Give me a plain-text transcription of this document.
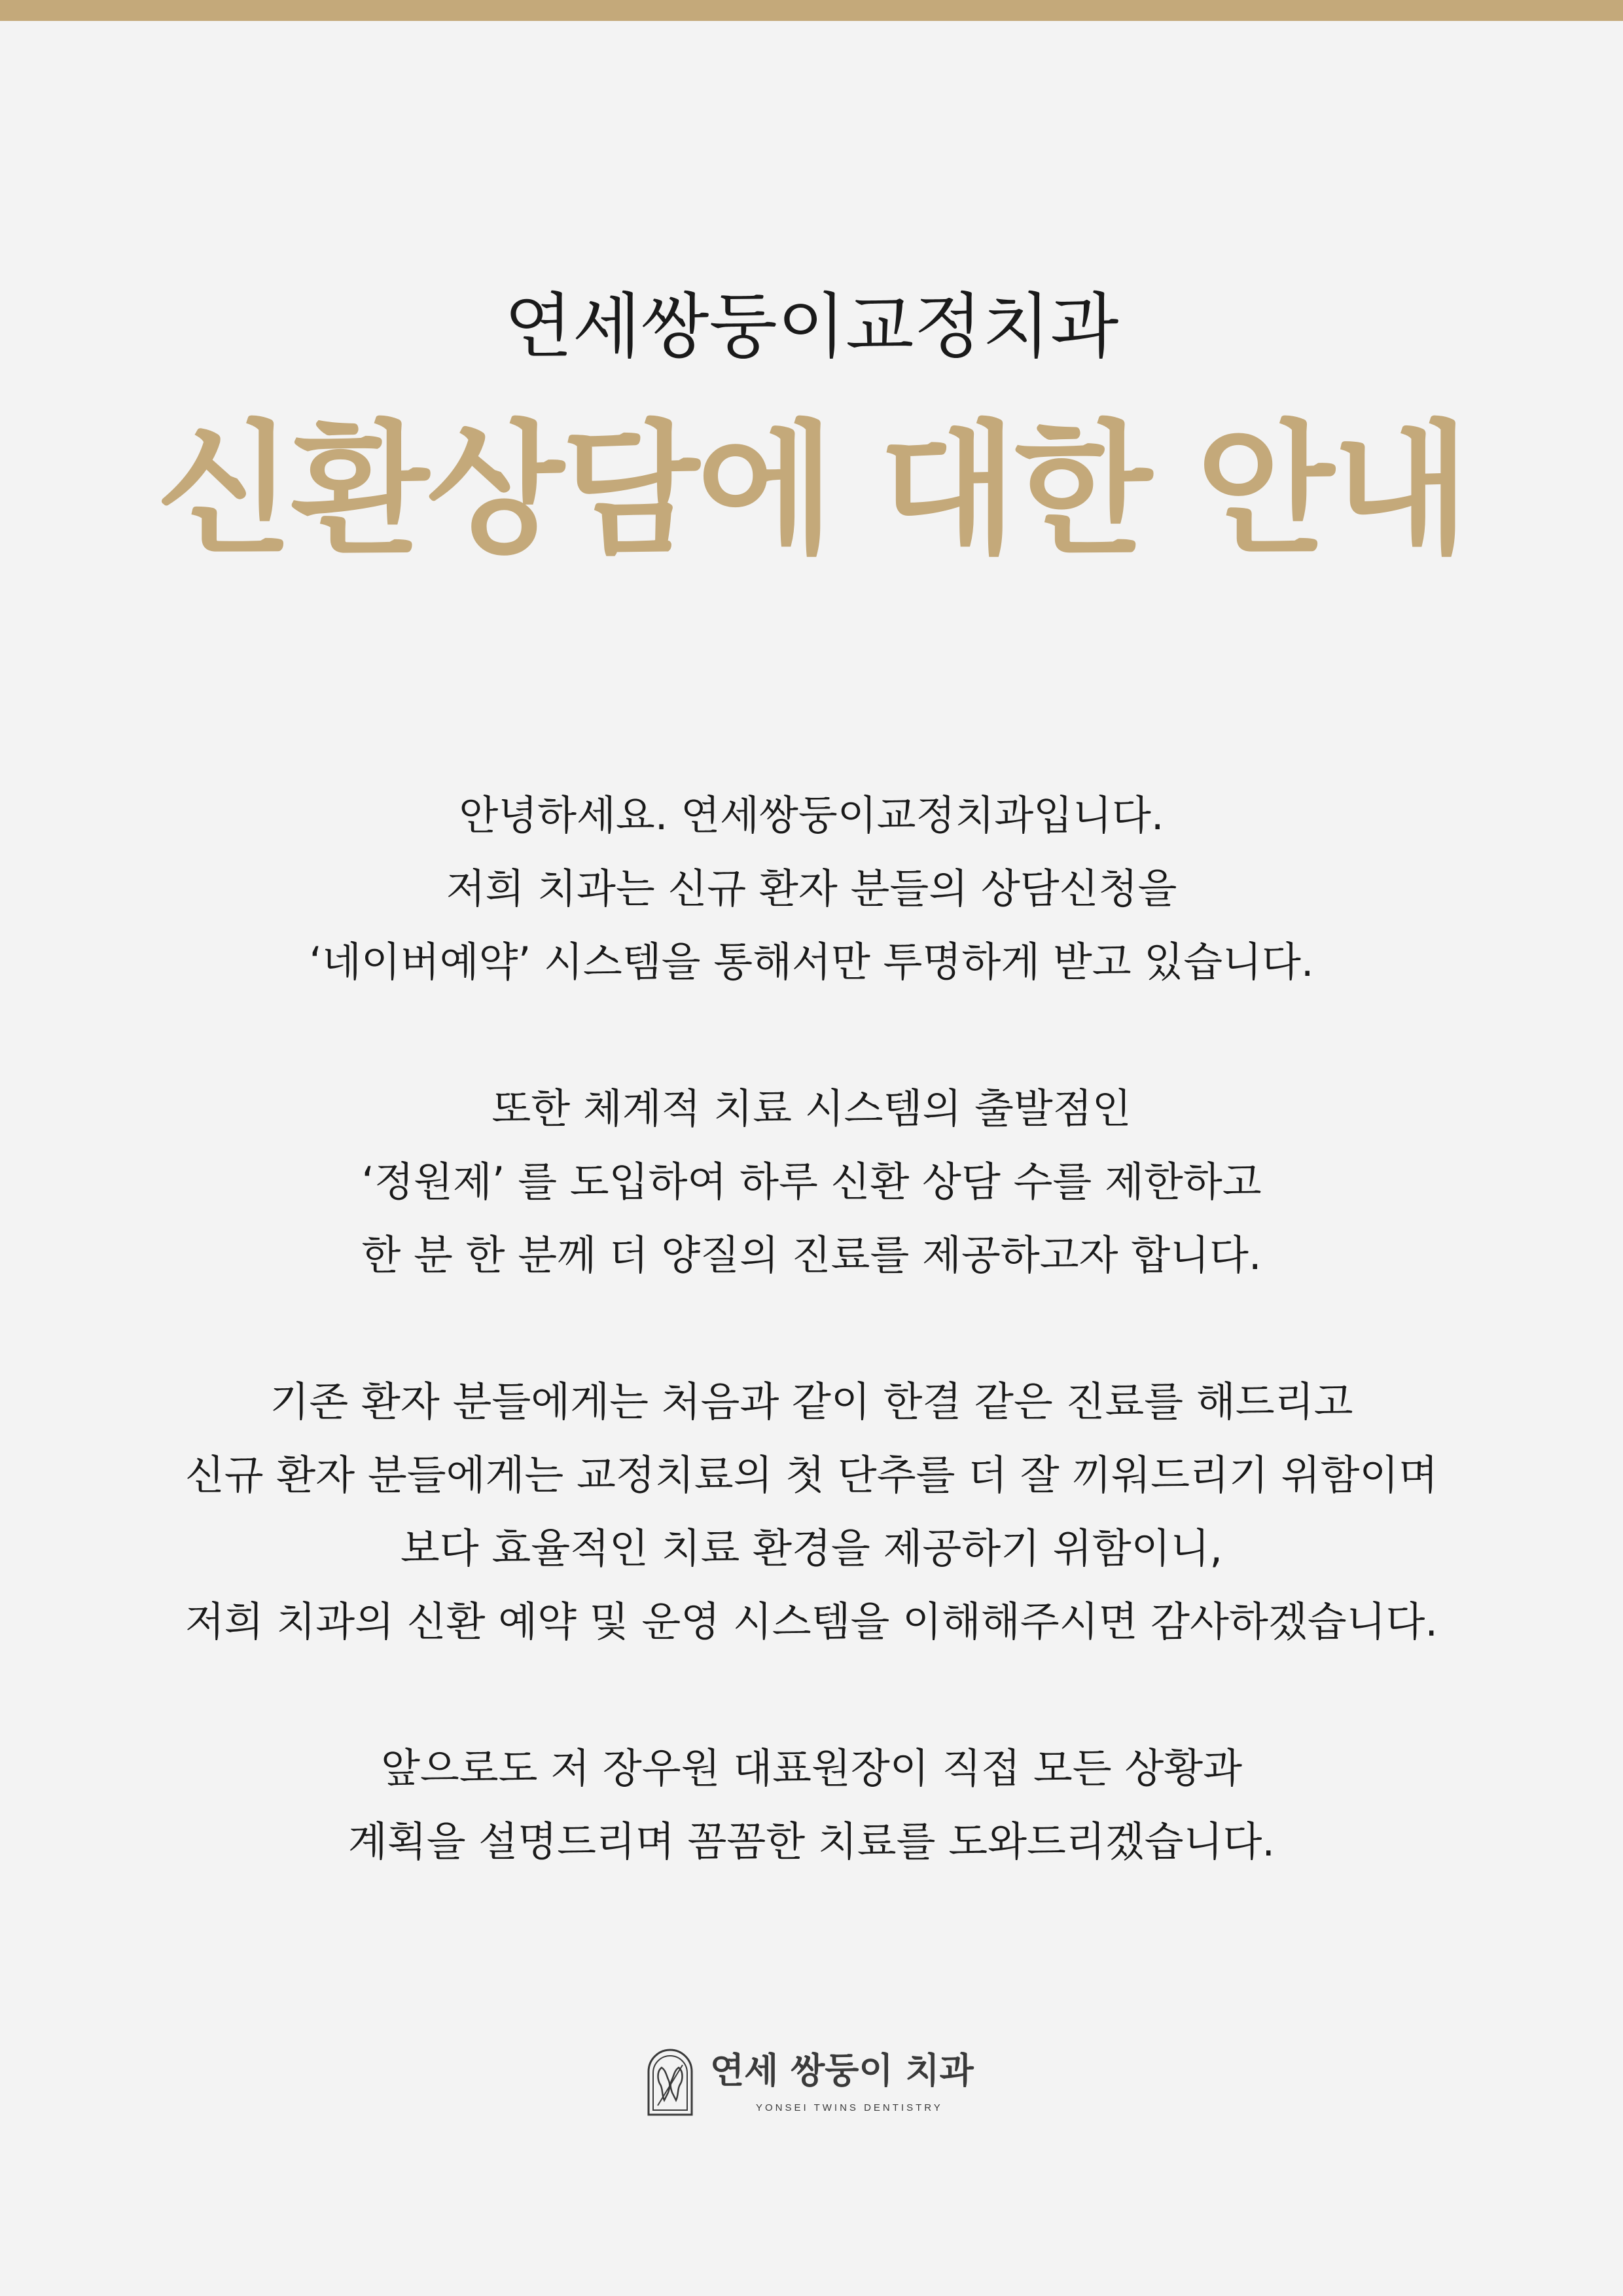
연세쌍둥이교정치과
신환상담에 대한 안내

안녕하세요. 연세쌍둥이교정치과입니다.
저희 치과는 신규 환자 분들의 상담신청을
‘네이버예약’ 시스템을 통해서만 투명하게 받고 있습니다.

또한 체계적 치료 시스템의 출발점인
‘정원제’ 를 도입하여 하루 신환 상담 수를 제한하고
한 분 한 분께 더 양질의 진료를 제공하고자 합니다.

기존 환자 분들에게는 처음과 같이 한결 같은 진료를 해드리고
신규 환자 분들에게는 교정치료의 첫 단추를 더 잘 끼워드리기 위함이며
보다 효율적인 치료 환경을 제공하기 위함이니,
저희 치과의 신환 예약 및 운영 시스템을 이해해주시면 감사하겠습니다.

앞으로도 저 장우원 대표원장이 직접 모든 상황과
계획을 설명드리며 꼼꼼한 치료를 도와드리겠습니다.

연세 쌍둥이 치과
YONSEI TWINS DENTISTRY
